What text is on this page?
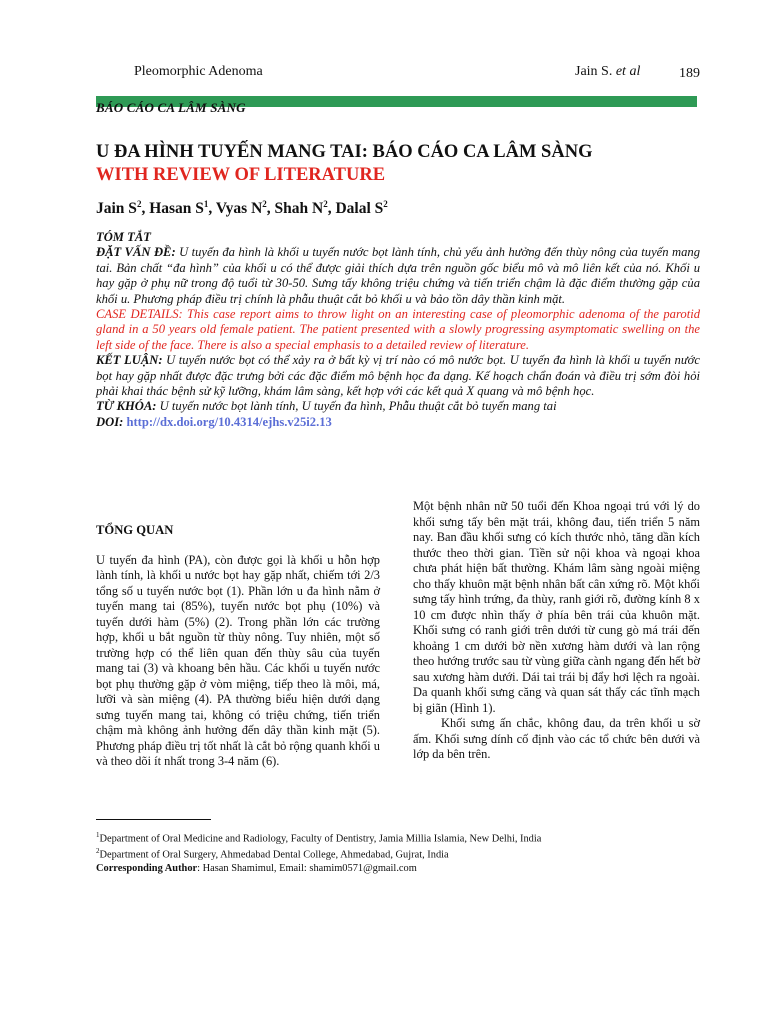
Pleomorphic Adenoma	Jain S. et al	189
BÁO CÁO CA LÂM SÀNG
U ĐA HÌNH TUYẾN MANG TAI: BÁO CÁO CA LÂM SÀNG
WITH REVIEW OF LITERATURE
Jain $S^2$, Hasan $S^1$, Vyas $N^2$, Shah $N^2$, Dalal $S^2$

TÓM TẮT

ĐẶT VẤN ĐỀ: U tuyến đa hình là khối u tuyến nước bọt lành tính, chủ yếu ảnh hưởng đến thùy nông của tuyến mang tai. Bản chất “đa hình” của khối u có thể được giải thích dựa trên nguồn gốc biểu mô và mô liên kết của nó. Khối u hay gặp ở phụ nữ trong độ tuổi từ 30-50. Sưng tấy không triệu chứng và tiến triển chậm là đặc điểm thường gặp của khối u. Phương pháp điều trị chính là phẫu thuật cắt bỏ khối u và bảo tồn dây thần kinh mặt.

CASE DETAILS: This case report aims to throw light on an interesting case of pleomorphic adenoma of the parotid gland in a 50 years old female patient. The patient presented with a slowly progressing asymptomatic swelling on the left side of the face. There is also a special emphasis to a detailed review of literature.

KẾT LUẬN: U tuyến nước bọt có thể xảy ra ở bất kỳ vị trí nào có mô nước bọt. U tuyến đa hình là khối u tuyến nước bọt hay gặp nhất được đặc trưng bởi các đặc điểm mô bệnh học đa dạng. Kế hoạch chẩn đoán và điều trị sớm đòi hỏi phải khai thác bệnh sử kỹ lưỡng, khám lâm sàng, kết hợp với các kết quả X quang và mô bệnh học.

TỪ KHÓA: U tuyến nước bọt lành tính, U tuyến đa hình, Phẫu thuật cắt bỏ tuyến mang tai

DOI: http://dx.doi.org/10.4314/ejhs.v25i2.13

TỔNG QUAN

U tuyến đa hình (PA), còn được gọi là khối u hỗn hợp lành tính, là khối u nước bọt hay gặp nhất, chiếm tới 2/3 tổng số u tuyến nước bọt (1). Phần lớn u đa hình nằm ở tuyến mang tai (85%), tuyến nước bọt phụ (10%) và tuyến dưới hàm (5%) (2). Trong phần lớn các trường hợp, khối u bắt nguồn từ thùy nông. Tuy nhiên, một số trường hợp có thể liên quan đến thùy sâu của tuyến mang tai (3) và khoang bên hầu. Các khối u tuyến nước bọt phụ thường gặp ở vòm miệng, tiếp theo là môi, má, lưỡi và sàn miệng (4). PA thường biểu hiện dưới dạng sưng tuyến mang tai, không có triệu chứng, tiến triển chậm mà không ảnh hưởng đến dây thần kinh mặt (5). Phương pháp điều trị tốt nhất là cắt bỏ rộng quanh khối u và theo dõi ít nhất trong 3-4 năm (6).

Một bệnh nhân nữ 50 tuổi đến Khoa ngoại trú với lý do khối sưng tấy bên mặt trái, không đau, tiến triển 5 năm nay. Ban đầu khối sưng có kích thước nhỏ, tăng dần kích thước theo thời gian. Tiền sử nội khoa và ngoại khoa chưa phát hiện bất thường. Khám lâm sàng ngoài miệng cho thấy khuôn mặt bệnh nhân bất cân xứng rõ. Một khối sưng tấy hình trứng, đa thùy, ranh giới rõ, đường kính 8 x 10 cm được nhìn thấy ở phía bên trái của khuôn mặt. Khối sưng có ranh giới trên dưới từ cung gò má trái đến khoảng 1 cm dưới bờ nền xương hàm dưới và lan rộng theo hướng trước sau từ vùng giữa cành ngang đến hết bờ sau xương hàm dưới. Dái tai trái bị đẩy hơi lệch ra ngoài. Da quanh khối sưng căng và quan sát thấy các tĩnh mạch bị giãn (Hình 1).

Khối sưng ấn chắc, không đau, da trên khối u sờ ấm. Khối sưng dính cố định vào các tổ chức bên dưới và lớp da bên trên.

$^1$Department of Oral Medicine and Radiology, Faculty of Dentistry, Jamia Millia Islamia, New Delhi, India

$^2$Department of Oral Surgery, Ahmedabad Dental College, Ahmedabad, Gujrat, India

Corresponding Author: Hasan Shamimul, Email: shamim0571@gmail.com
